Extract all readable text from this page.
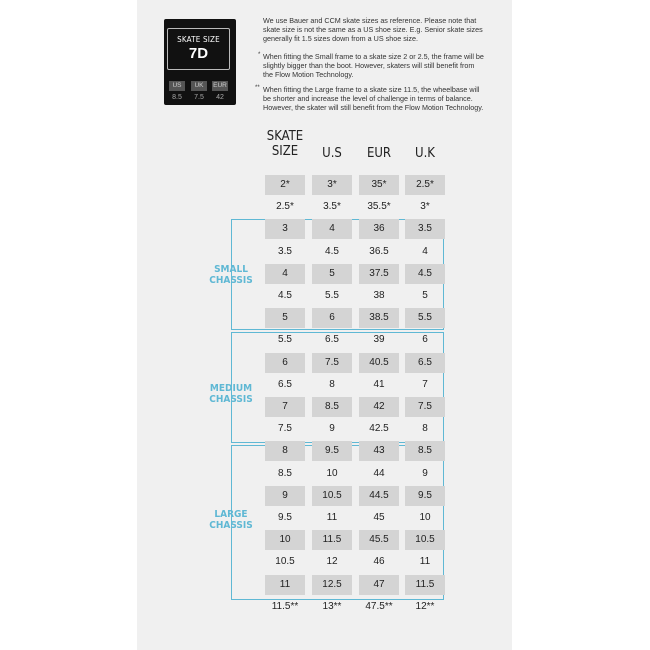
SKATE SIZE
7D
US	UK	EUR
8.5	7.5	42
We use Bauer and CCM skate sizes as reference. Please note that
skate size is not the same as a US shoe size. E.g. Senior skate sizes
generally fit 1.5 sizes down from a US shoe size.
* When fitting the Small frame to a skate size 2 or 2.5, the frame will be
slightly bigger than the boot. However, skaters will still benefit from
the Flow Motion Technology.
** When fitting the Large frame to a skate size 11.5, the wheelbase will
be shorter and increase the level of challenge in terms of balance.
However, the skater will still benefit from the Flow Motion Technology.
SKATE
SIZE	U.S	EUR	U.K
SMALL
CHASSIS
MEDIUM
CHASSIS
LARGE
CHASSIS
2*	3*	35*	2.5*
2.5*	3.5*	35.5*	3*
3	4	36	3.5
3.5	4.5	36.5	4
4	5	37.5	4.5
4.5	5.5	38	5
5	6	38.5	5.5
5.5	6.5	39	6
6	7.5	40.5	6.5
6.5	8	41	7
7	8.5	42	7.5
7.5	9	42.5	8
8	9.5	43	8.5
8.5	10	44	9
9	10.5	44.5	9.5
9.5	11	45	10
10	11.5	45.5	10.5
10.5	12	46	11
11	12.5	47	11.5
11.5**	13**	47.5**	12**
